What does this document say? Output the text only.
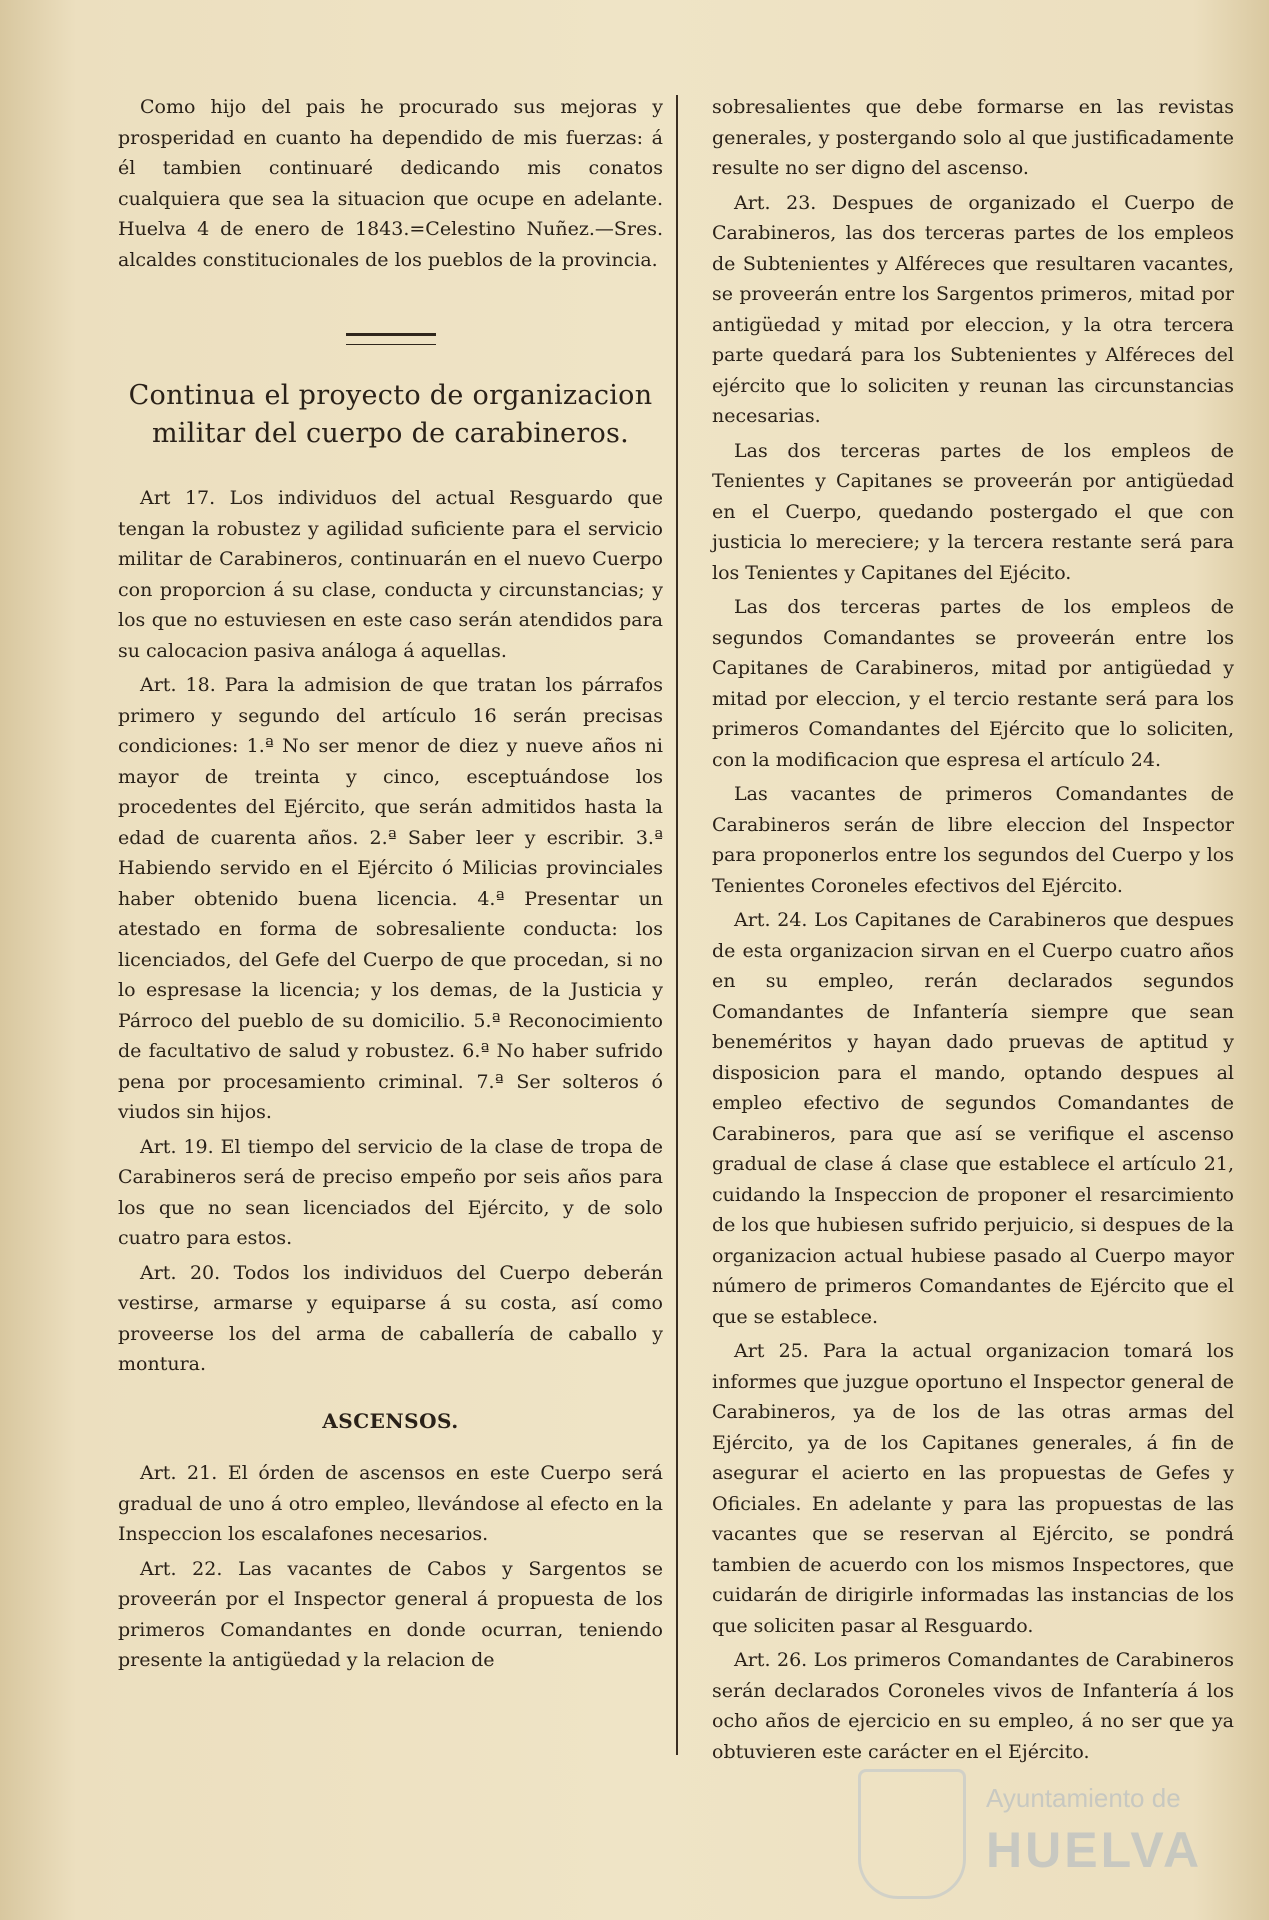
Como hijo del pais he procurado sus mejoras y prosperidad en cuanto ha dependido de mis fuerzas: á él tambien continuaré dedicando mis conatos cualquiera que sea la situacion que ocupe en adelante. Huelva 4 de enero de 1843.=Celestino Nuñez.—Sres. alcaldes constitucionales de los pueblos de la provincia.

Continua el proyecto de organizacion militar del cuerpo de carabineros.

Art 17. Los individuos del actual Resguardo que tengan la robustez y agilidad suficiente para el servicio militar de Carabineros, continuarán en el nuevo Cuerpo con proporcion á su clase, conducta y circunstancias; y los que no estuviesen en este caso serán atendidos para su calocacion pasiva análoga á aquellas.

Art. 18. Para la admision de que tratan los párrafos primero y segundo del artículo 16 serán precisas condiciones: 1.ª No ser menor de diez y nueve años ni mayor de treinta y cinco, esceptuándose los procedentes del Ejército, que serán admitidos hasta la edad de cuarenta años. 2.ª Saber leer y escribir. 3.ª Habiendo servido en el Ejército ó Milicias provinciales haber obtenido buena licencia. 4.ª Presentar un atestado en forma de sobresaliente conducta: los licenciados, del Gefe del Cuerpo de que procedan, si no lo espresase la licencia; y los demas, de la Justicia y Párroco del pueblo de su domicilio. 5.ª Reconocimiento de facultativo de salud y robustez. 6.ª No haber sufrido pena por procesamiento criminal. 7.ª Ser solteros ó viudos sin hijos.

Art. 19. El tiempo del servicio de la clase de tropa de Carabineros será de preciso empeño por seis años para los que no sean licenciados del Ejército, y de solo cuatro para estos.

Art. 20. Todos los individuos del Cuerpo deberán vestirse, armarse y equiparse á su costa, así como proveerse los del arma de caballería de caballo y montura.

ASCENSOS.

Art. 21. El órden de ascensos en este Cuerpo será gradual de uno á otro empleo, llevándose al efecto en la Inspeccion los escalafones necesarios.

Art. 22. Las vacantes de Cabos y Sargentos se proveerán por el Inspector general á propuesta de los primeros Comandantes en donde ocurran, teniendo presente la antigüedad y la relacion de

sobresalientes que debe formarse en las revistas generales, y postergando solo al que justificadamente resulte no ser digno del ascenso.

Art. 23. Despues de organizado el Cuerpo de Carabineros, las dos terceras partes de los empleos de Subtenientes y Alféreces que resultaren vacantes, se proveerán entre los Sargentos primeros, mitad por antigüedad y mitad por eleccion, y la otra tercera parte quedará para los Subtenientes y Alféreces del ejército que lo soliciten y reunan las circunstancias necesarias.

Las dos terceras partes de los empleos de Tenientes y Capitanes se proveerán por antigüedad en el Cuerpo, quedando postergado el que con justicia lo mereciere; y la tercera restante será para los Tenientes y Capitanes del Ejécito.

Las dos terceras partes de los empleos de segundos Comandantes se proveerán entre los Capitanes de Carabineros, mitad por antigüedad y mitad por eleccion, y el tercio restante será para los primeros Comandantes del Ejército que lo soliciten, con la modificacion que espresa el artículo 24.

Las vacantes de primeros Comandantes de Carabineros serán de libre eleccion del Inspector para proponerlos entre los segundos del Cuerpo y los Tenientes Coroneles efectivos del Ejército.

Art. 24. Los Capitanes de Carabineros que despues de esta organizacion sirvan en el Cuerpo cuatro años en su empleo, rerán declarados segundos Comandantes de Infantería siempre que sean beneméritos y hayan dado pruevas de aptitud y disposicion para el mando, optando despues al empleo efectivo de segundos Comandantes de Carabineros, para que así se verifique el ascenso gradual de clase á clase que establece el artículo 21, cuidando la Inspeccion de proponer el resarcimiento de los que hubiesen sufrido perjuicio, si despues de la organizacion actual hubiese pasado al Cuerpo mayor número de primeros Comandantes de Ejército que el que se establece.

Art 25. Para la actual organizacion tomará los informes que juzgue oportuno el Inspector general de Carabineros, ya de los de las otras armas del Ejército, ya de los Capitanes generales, á fin de asegurar el acierto en las propuestas de Gefes y Oficiales. En adelante y para las propuestas de las vacantes que se reservan al Ejército, se pondrá tambien de acuerdo con los mismos Inspectores, que cuidarán de dirigirle informadas las instancias de los que soliciten pasar al Resguardo.

Art. 26. Los primeros Comandantes de Carabineros serán declarados Coroneles vivos de Infantería á los ocho años de ejercicio en su empleo, á no ser que ya obtuvieren este carácter en el Ejército.

Ayuntamiento de
HUELVA
